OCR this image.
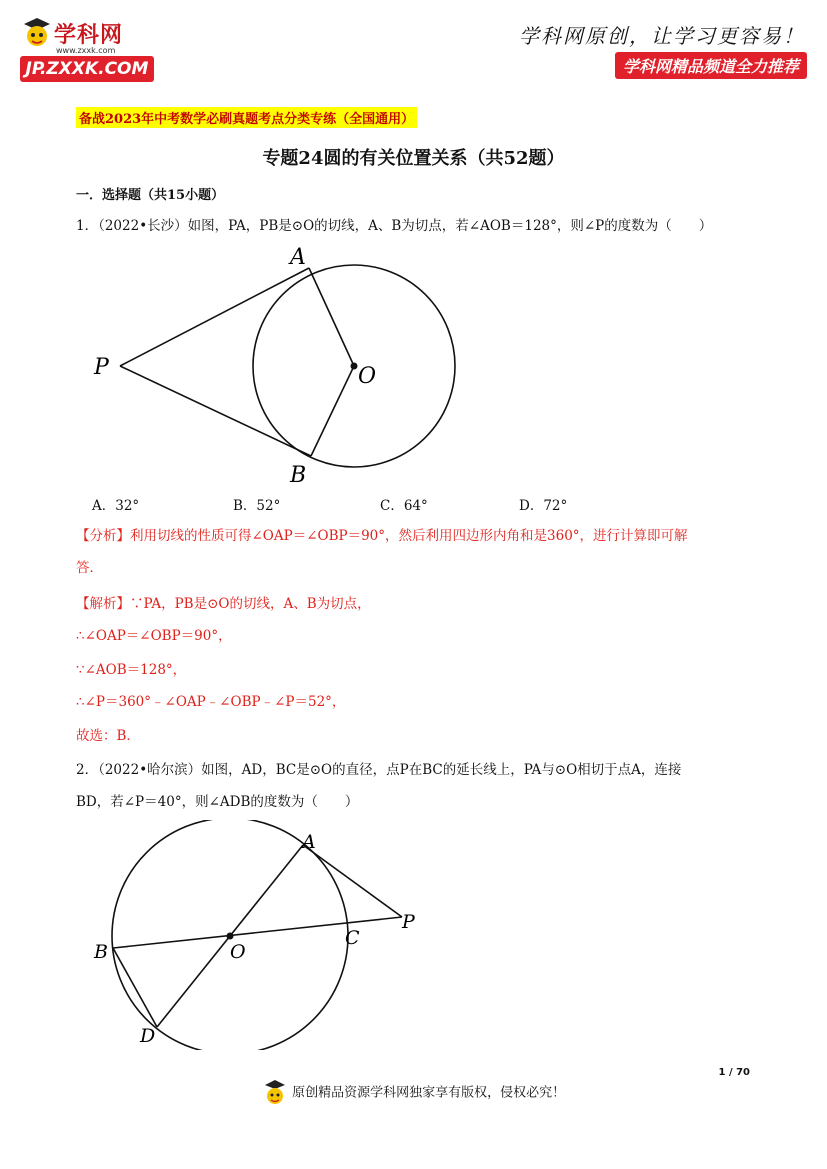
学科网
www.zxxk.com
JP.ZXXK.COM
学科网原创，让学习更容易！
学科网精品频道全力推荐
备战2023年中考数学必刷真题考点分类专练（全国通用）
专题24圆的有关位置关系（共52题）
一．选择题（共15小题）
1．（2022•长沙）如图，PA，PB是⊙O的切线，A、B为切点，若∠AOB＝128°，则∠P的度数为（　　）
A
B
P	O
A．32°	B．52°	C．64°	D．72°
【分析】利用切线的性质可得∠OAP＝∠OBP＝90°，然后利用四边形内角和是360°，进行计算即可解
答．
【解析】∵PA，PB是⊙O的切线，A、B为切点，
∴∠OAP＝∠OBP＝90°，
∵∠AOB＝128°，
∴∠P＝360°﹣∠OAP﹣∠OBP﹣∠P＝52°，
故选：B．
2．（2022•哈尔滨）如图，AD，BC是⊙O的直径，点P在BC的延长线上，PA与⊙O相切于点A，连接
BD，若∠P＝40°，则∠ADB的度数为（　　）
A
B
C
D
O
P
1 / 70
原创精品资源学科网独家享有版权，侵权必究！
